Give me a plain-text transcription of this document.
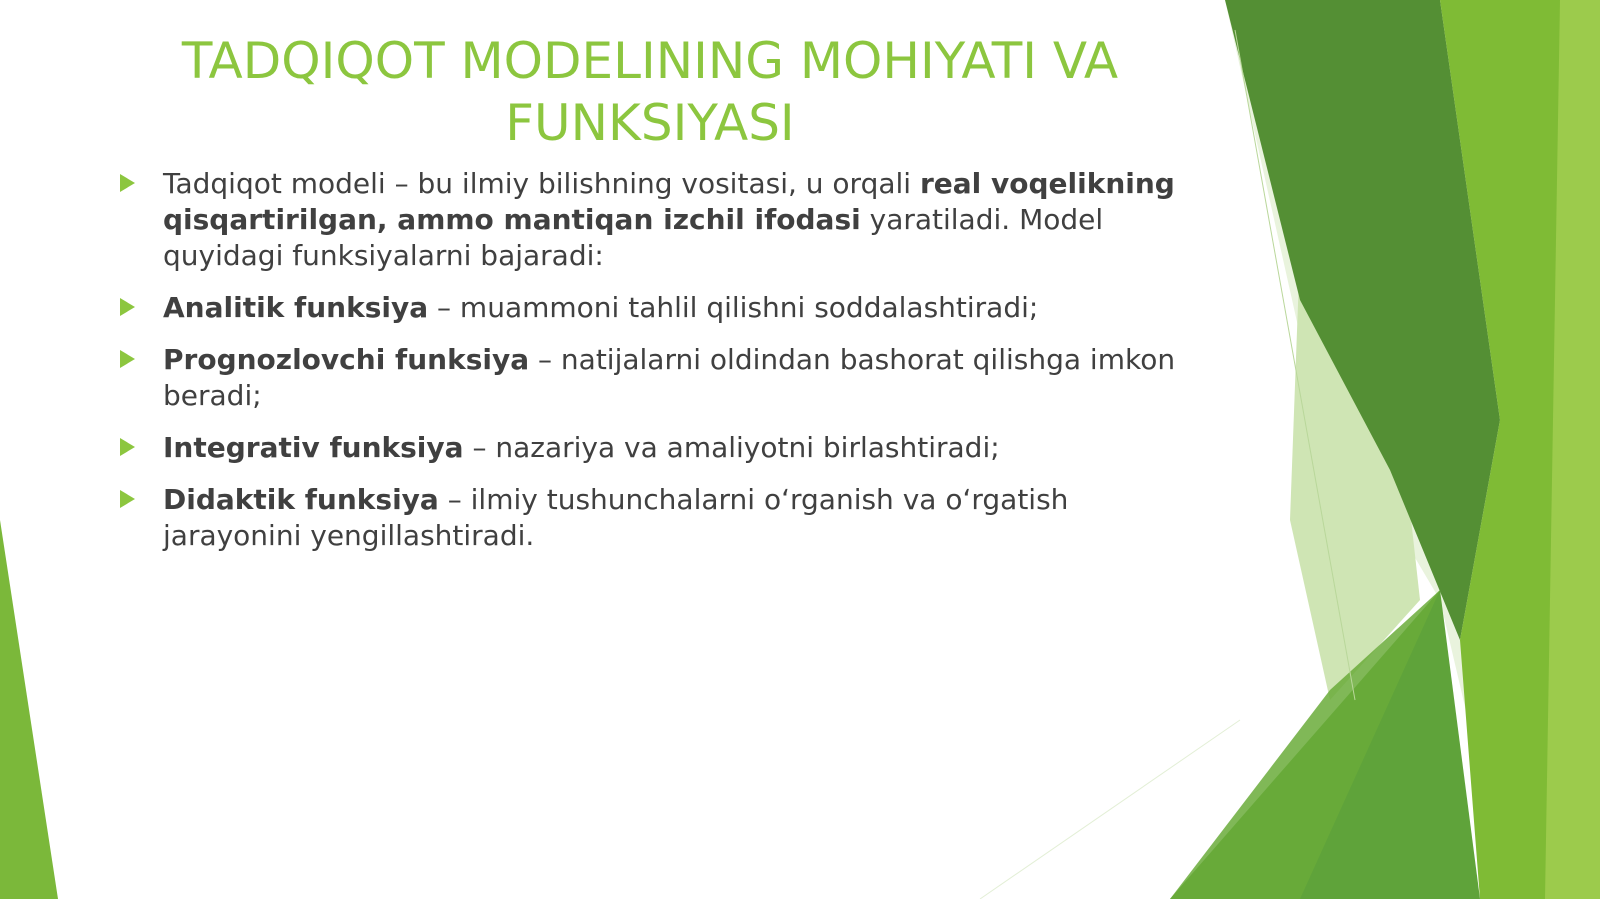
TADQIQOT MODELINING MOHIYATI VA FUNKSIYASI
Tadqiqot modeli – bu ilmiy bilishning vositasi, u orqali real voqelikning qisqartirilgan, ammo mantiqan izchil ifodasi yaratiladi. Model quyidagi funksiyalarni bajaradi:
Analitik funksiya – muammoni tahlil qilishni soddalashtiradi;
Prognozlovchi funksiya – natijalarni oldindan bashorat qilishga imkon beradi;
Integrativ funksiya – nazariya va amaliyotni birlashtiradi;
Didaktik funksiya – ilmiy tushunchalarni oʻrganish va oʻrgatish jarayonini yengillashtiradi.
